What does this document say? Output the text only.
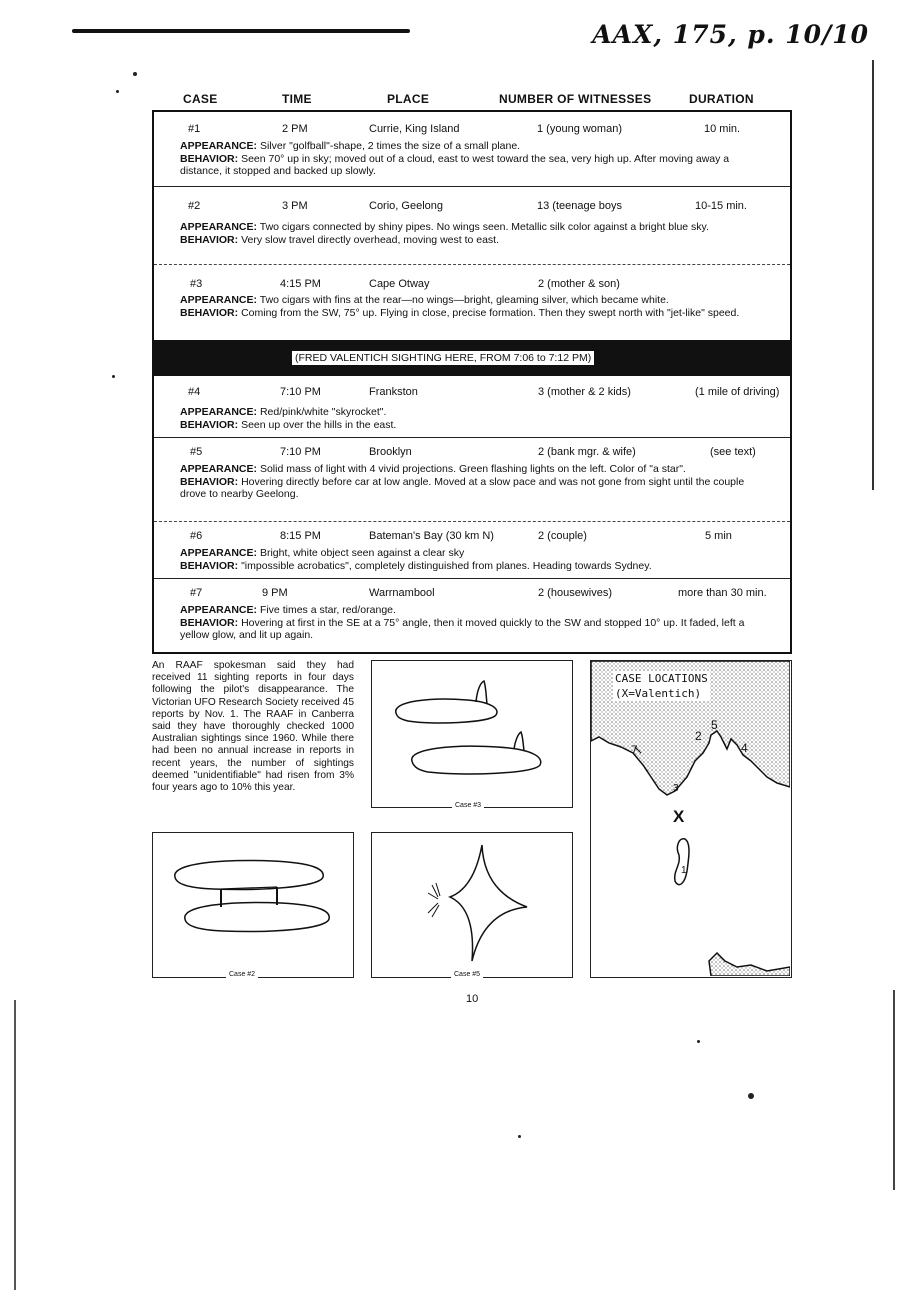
AAX, 175, p. 10/10
CASE	TIME	PLACE	NUMBER OF WITNESSES	DURATION
#1	2 PM	Currie, King Island	1 (young woman)	10 min.
APPEARANCE: Silver "golfball"-shape, 2 times the size of a small plane.
BEHAVIOR: Seen 70° up in sky; moved out of a cloud, east to west toward the sea, very high up. After moving away a distance, it stopped and backed up slowly.
#2	3 PM	Corio, Geelong	13 (teenage boys	10-15 min.
APPEARANCE: Two cigars connected by shiny pipes. No wings seen. Metallic silk color against a bright blue sky.
BEHAVIOR: Very slow travel directly overhead, moving west to east.
#3	4:15 PM	Cape Otway	2 (mother & son)
APPEARANCE: Two cigars with fins at the rear—no wings—bright, gleaming silver, which became white.
BEHAVIOR: Coming from the SW, 75° up. Flying in close, precise formation. Then they swept north with "jet-like" speed.
(FRED VALENTICH SIGHTING HERE, FROM 7:06 to 7:12 PM)
#4	7:10 PM	Frankston	3 (mother & 2 kids)	(1 mile of driving)
APPEARANCE: Red/pink/white "skyrocket".
BEHAVIOR: Seen up over the hills in the east.
#5	7:10 PM	Brooklyn	2 (bank mgr. & wife)	(see text)
APPEARANCE: Solid mass of light with 4 vivid projections. Green flashing lights on the left. Color of "a star".
BEHAVIOR: Hovering directly before car at low angle. Moved at a slow pace and was not gone from sight until the couple drove to nearby Geelong.
#6	8:15 PM	Bateman's Bay (30 km N)	2 (couple)	5 min
APPEARANCE: Bright, white object seen against a clear sky
BEHAVIOR: "impossible acrobatics", completely distinguished from planes. Heading towards Sydney.
#7	9 PM	Warrnambool	2 (housewives)	more than 30 min.
APPEARANCE: Five times a star, red/orange.
BEHAVIOR: Hovering at first in the SE at a 75° angle, then it moved quickly to the SW and stopped 10° up. It faded, left a yellow glow, and lit up again.
An RAAF spokesman said they had received 11 sighting reports in four days following the pilot's disappearance. The Victorian UFO Research Society received 45 reports by Nov. 1. The RAAF in Canberra said they have thoroughly checked 1000 Australian sightings since 1960. While there had been no annual increase in reports in recent years, the number of sightings deemed "unidentifiable" had risen from 3% four years ago to 10% this year.
Case #3
Case #2	Case #5
CASE LOCATIONS
(X=Valentich)
2
5
4
7
3
X
1
10
